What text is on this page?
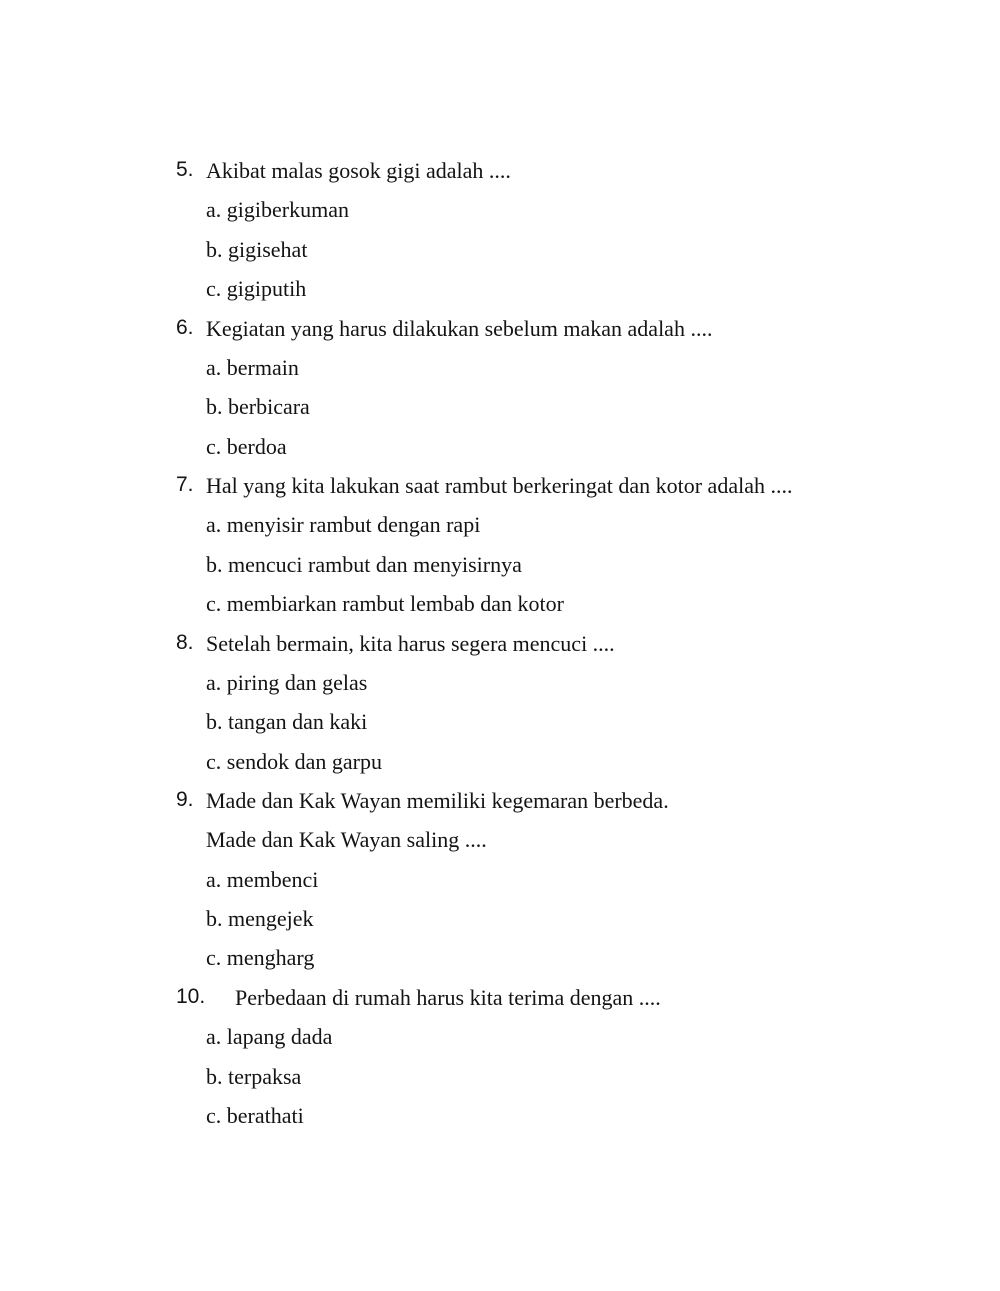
5. Akibat malas gosok gigi adalah ....
a. gigiberkuman
b. gigisehat
c. gigiputih
6. Kegiatan yang harus dilakukan sebelum makan adalah ....
a. bermain
b. berbicara
c. berdoa
7. Hal yang kita lakukan saat rambut berkeringat dan kotor adalah ....
a. menyisir rambut dengan rapi
b. mencuci rambut dan menyisirnya
c. membiarkan rambut lembab dan kotor
8. Setelah bermain, kita harus segera mencuci ....
a. piring dan gelas
b. tangan dan kaki
c. sendok dan garpu
9. Made dan Kak Wayan memiliki kegemaran berbeda.
Made dan Kak Wayan saling ....
a. membenci
b. mengejek
c. mengharg
10. Perbedaan di rumah harus kita terima dengan ....
a. lapang dada
b. terpaksa
c. berathati
